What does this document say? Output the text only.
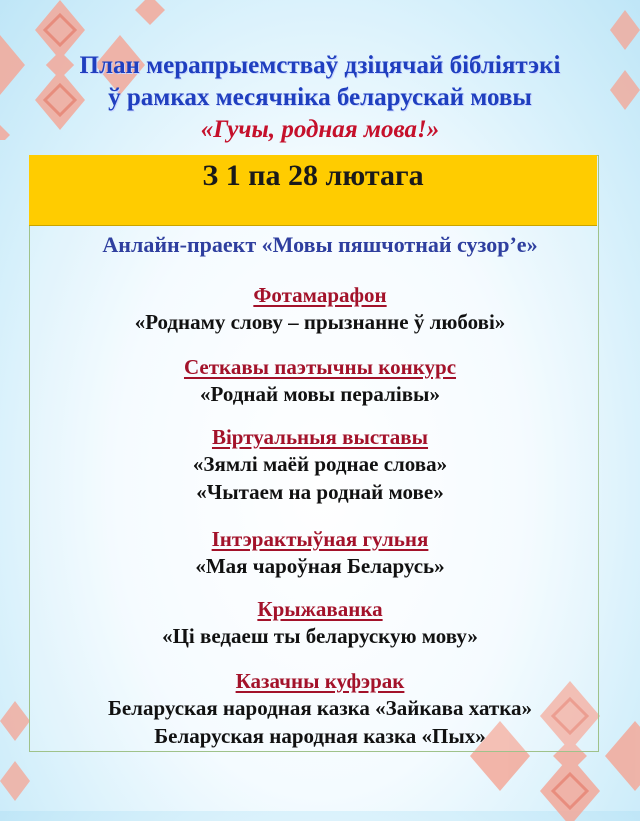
План мерапрыемстваў дзіцячай бібліятэкі
ў рамках месячніка беларускай мовы
«Гучы, родная мова!»
З 1 па 28 лютага
Анлайн-праект «Мовы пяшчотнай сузор’е»
Фотамарафон
«Роднаму слову – прызнанне ў любові»
Сеткавы паэтычны конкурс
«Роднай мовы пералівы»
Віртуальныя выставы
«Зямлі маёй роднае слова»
«Чытаем на роднай мове»
Інтэрактыўная гульня
«Мая чароўная Беларусь»
Крыжаванка
«Ці ведаеш ты беларускую мову»
Казачны куфэрак
Беларуская народная казка «Зайкава хатка»
Беларуская народная казка «Пых»
